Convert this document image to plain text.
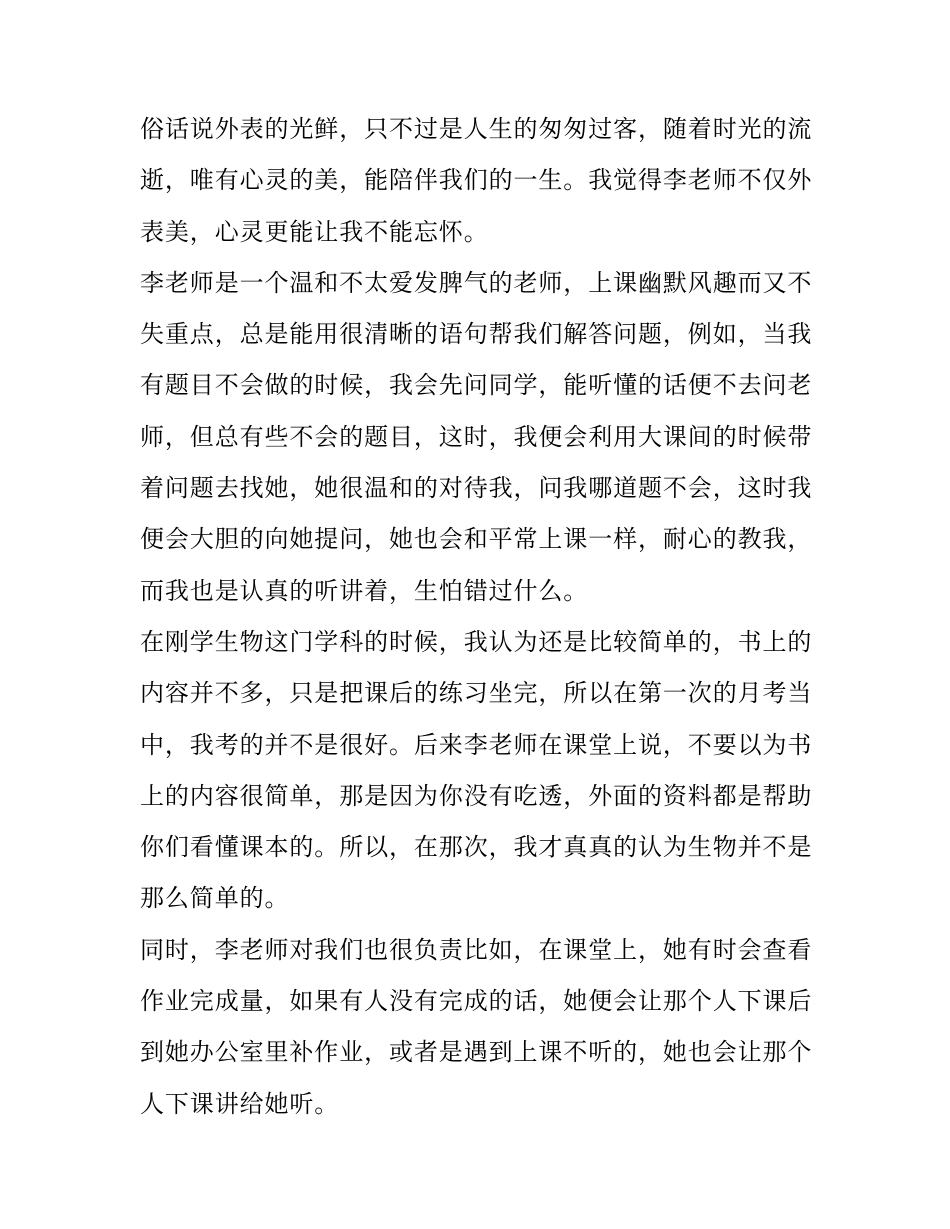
俗话说外表的光鲜，只不过是人生的匆匆过客，随着时光的流
逝，唯有心灵的美，能陪伴我们的一生。我觉得李老师不仅外
表美，心灵更能让我不能忘怀。
李老师是一个温和不太爱发脾气的老师，上课幽默风趣而又不
失重点，总是能用很清晰的语句帮我们解答问题，例如，当我
有题目不会做的时候，我会先问同学，能听懂的话便不去问老
师，但总有些不会的题目，这时，我便会利用大课间的时候带
着问题去找她，她很温和的对待我，问我哪道题不会，这时我
便会大胆的向她提问，她也会和平常上课一样，耐心的教我，
而我也是认真的听讲着，生怕错过什么。
在刚学生物这门学科的时候，我认为还是比较简单的，书上的
内容并不多，只是把课后的练习坐完，所以在第一次的月考当
中，我考的并不是很好。后来李老师在课堂上说，不要以为书
上的内容很简单，那是因为你没有吃透，外面的资料都是帮助
你们看懂课本的。所以，在那次，我才真真的认为生物并不是
那么简单的。
同时，李老师对我们也很负责比如，在课堂上，她有时会查看
作业完成量，如果有人没有完成的话，她便会让那个人下课后
到她办公室里补作业，或者是遇到上课不听的，她也会让那个
人下课讲给她听。
